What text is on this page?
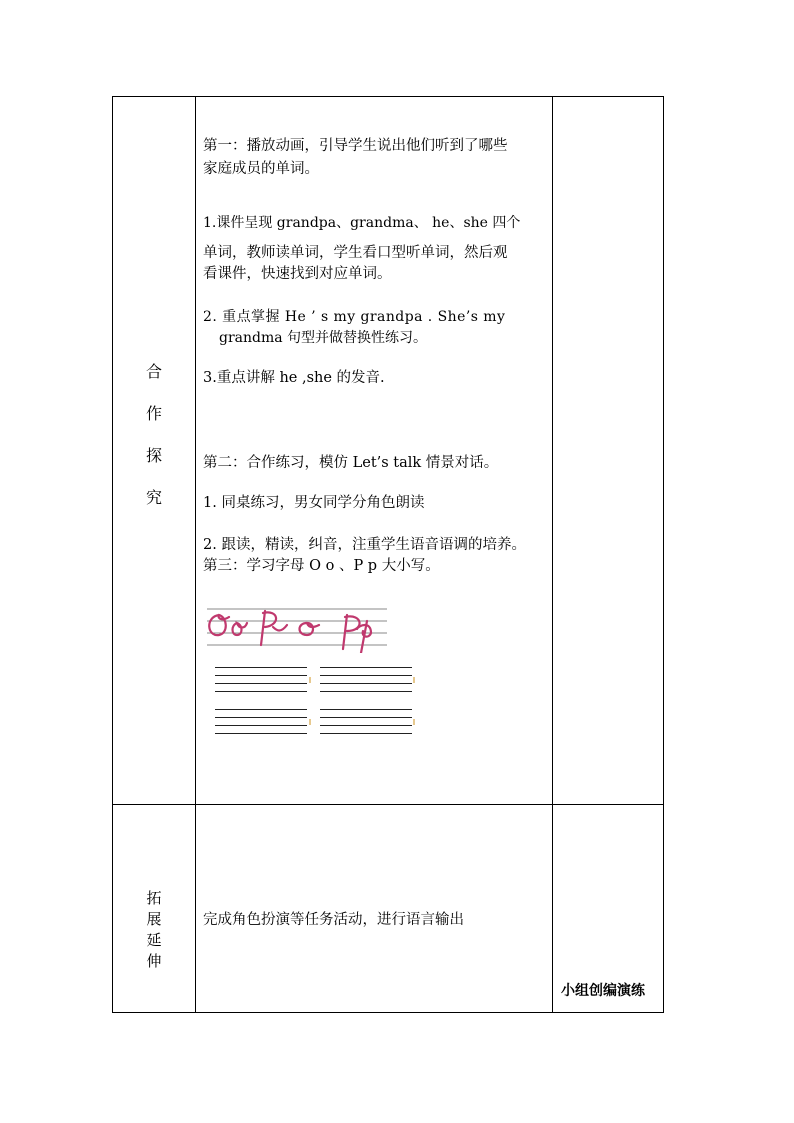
合
作
探
究
第一：播放动画，引导学生说出他们听到了哪些
家庭成员的单词。
1.课件呈现 grandpa、grandma、 he、she 四个
单词，教师读单词，学生看口型听单词，然后观
看课件，快速找到对应单词。
2. 重点掌握 He ’ s my grandpa . She’s my
grandma 句型并做替换性练习。
3.重点讲解 he ,she 的发音.
第二：合作练习，模仿 Let’s talk 情景对话。
1. 同桌练习，男女同学分角色朗读
2. 跟读，精读，纠音，注重学生语音语调的培养。
第三：学习字母 O o 、P p 大小写。
拓
展
延
伸
完成角色扮演等任务活动，进行语言输出
小组创编演练
